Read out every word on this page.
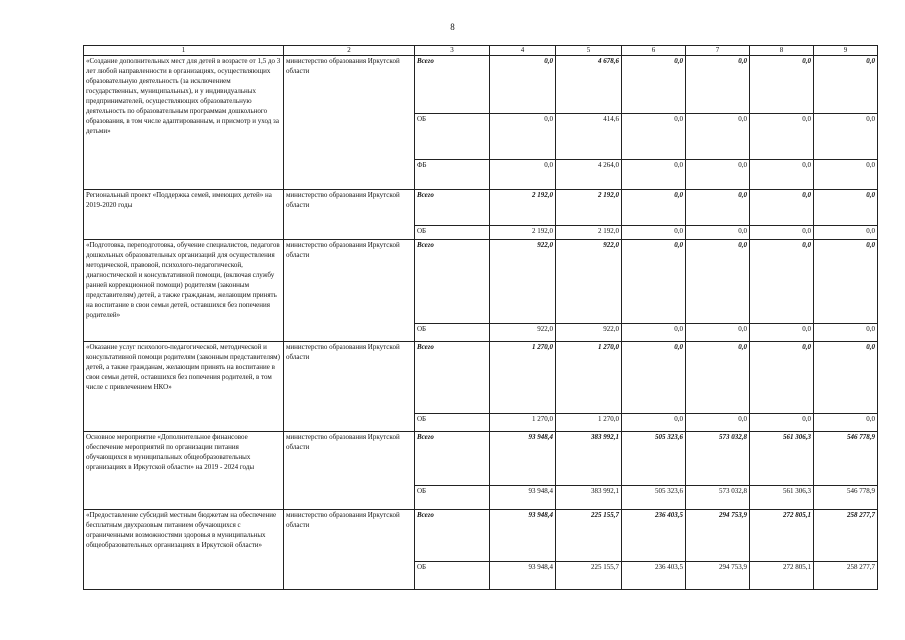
8
1	2	3	4	5	6	7	8	9
«Создание дополнительных мест для детей в возрасте от 1,5 до 3 лет любой направленности в организациях, осуществляющих образовательную деятельность (за исключением государственных, муниципальных), и у индивидуальных предпринимателей, осуществляющих образовательную деятельность по образовательным программам дошкольного образования, в том числе адаптированным, и присмотр и уход за детьми»	министерство образования Иркутской области	Всего	0,0	4 678,6	0,0	0,0	0,0	0,0
		ОБ	0,0	414,6	0,0	0,0	0,0	0,0
		ФБ	0,0	4 264,0	0,0	0,0	0,0	0,0
Региональный проект «Поддержка семей, имеющих детей» на 2019-2020 годы	министерство образования Иркутской области	Всего	2 192,0	2 192,0	0,0	0,0	0,0	0,0
		ОБ	2 192,0	2 192,0	0,0	0,0	0,0	0,0
«Подготовка, переподготовка, обучение специалистов, педагогов дошкольных образовательных организаций для осуществления методической, правовой, психолого-педагогической, диагностической и консультативной помощи, (включая службу ранней коррекционной помощи) родителям (законным представителям) детей, а также гражданам, желающим принять на воспитание в свои семьи детей, оставшихся без попечения родителей»	министерство образования Иркутской области	Всего	922,0	922,0	0,0	0,0	0,0	0,0
		ОБ	922,0	922,0	0,0	0,0	0,0	0,0
«Оказание услуг психолого-педагогической, методической и консультативной помощи родителям (законным представителям) детей, а также гражданам, желающим принять на воспитание в свои семьи детей, оставшихся без попечения родителей, в том числе с привлечением НКО»	министерство образования Иркутской области	Всего	1 270,0	1 270,0	0,0	0,0	0,0	0,0
		ОБ	1 270,0	1 270,0	0,0	0,0	0,0	0,0
Основное мероприятие «Дополнительное финансовое обеспечение мероприятий по организации питания обучающихся в муниципальных общеобразовательных организациях в Иркутской области» на 2019 - 2024 годы	министерство образования Иркутской области	Всего	93 948,4	383 992,1	505 323,6	573 032,8	561 306,3	546 778,9
		ОБ	93 948,4	383 992,1	505 323,6	573 032,8	561 306,3	546 778,9
«Предоставление субсидий местным бюджетам на обеспечение бесплатным двухразовым питанием обучающихся с ограниченными возможностями здоровья в муниципальных общеобразовательных организациях в Иркутской области»	министерство образования Иркутской области	Всего	93 948,4	225 155,7	236 403,5	294 753,9	272 805,1	258 277,7
		ОБ	93 948,4	225 155,7	236 403,5	294 753,9	272 805,1	258 277,7
